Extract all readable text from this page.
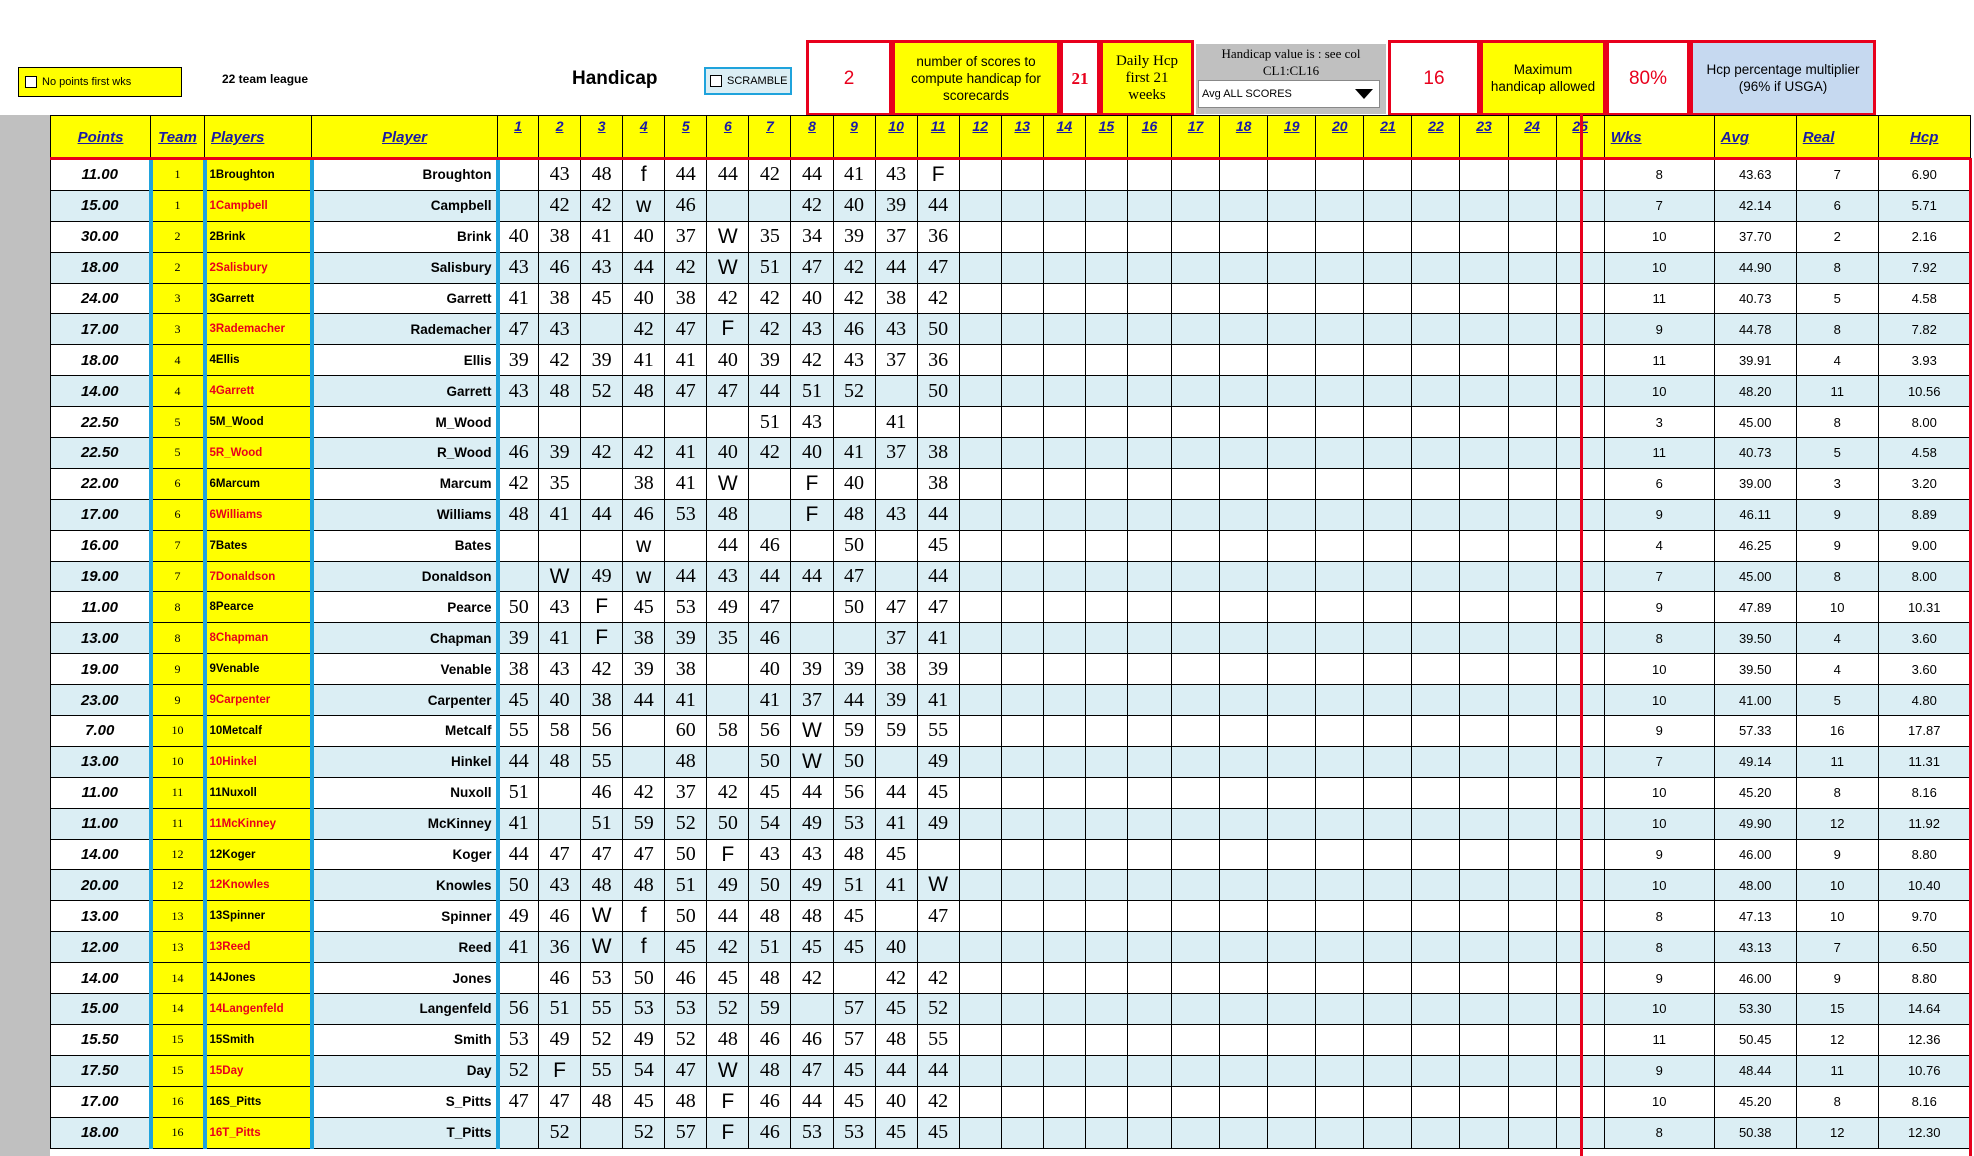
No points first wks	22 team league	Handicap	SCRAMBLE	2
number of scores to compute handicap for scorecards
21
Daily Hcp first 21 weeks
Handicap value is : see col CL1:CL16
Avg ALL SCORES
16	Maximum handicap allowed	80%	Hcp percentage multiplier (96% if USGA)
Points	Team	Players	Player	1	2	3	4	5	6	7	8	9	10	11	12	13	14	15	16	17	18	19	20	21	22	23	24	25	Wks	Avg	Real	Hcp
11.00	1	1Broughton	Broughton		43	48	f	44	44	42	44	41	43	F															8	43.63	7	6.90
15.00	1	1Campbell	Campbell		42	42	w	46			42	40	39	44															7	42.14	6	5.71
30.00	2	2Brink	Brink	40	38	41	40	37	W	35	34	39	37	36															10	37.70	2	2.16
18.00	2	2Salisbury	Salisbury	43	46	43	44	42	W	51	47	42	44	47															10	44.90	8	7.92
24.00	3	3Garrett	Garrett	41	38	45	40	38	42	42	40	42	38	42															11	40.73	5	4.58
17.00	3	3Rademacher	Rademacher	47	43		42	47	F	42	43	46	43	50															9	44.78	8	7.82
18.00	4	4Ellis	Ellis	39	42	39	41	41	40	39	42	43	37	36															11	39.91	4	3.93
14.00	4	4Garrett	Garrett	43	48	52	48	47	47	44	51	52		50															10	48.20	11	10.56
22.50	5	5M_Wood	M_Wood							51	43		41																3	45.00	8	8.00
22.50	5	5R_Wood	R_Wood	46	39	42	42	41	40	42	40	41	37	38															11	40.73	5	4.58
22.00	6	6Marcum	Marcum	42	35		38	41	W		F	40		38															6	39.00	3	3.20
17.00	6	6Williams	Williams	48	41	44	46	53	48		F	48	43	44															9	46.11	9	8.89
16.00	7	7Bates	Bates				w		44	46		50		45															4	46.25	9	9.00
19.00	7	7Donaldson	Donaldson		W	49	w	44	43	44	44	47		44															7	45.00	8	8.00
11.00	8	8Pearce	Pearce	50	43	F	45	53	49	47		50	47	47															9	47.89	10	10.31
13.00	8	8Chapman	Chapman	39	41	F	38	39	35	46			37	41															8	39.50	4	3.60
19.00	9	9Venable	Venable	38	43	42	39	38		40	39	39	38	39															10	39.50	4	3.60
23.00	9	9Carpenter	Carpenter	45	40	38	44	41		41	37	44	39	41															10	41.00	5	4.80
7.00	10	10Metcalf	Metcalf	55	58	56		60	58	56	W	59	59	55															9	57.33	16	17.87
13.00	10	10Hinkel	Hinkel	44	48	55		48		50	W	50		49															7	49.14	11	11.31
11.00	11	11Nuxoll	Nuxoll	51		46	42	37	42	45	44	56	44	45															10	45.20	8	8.16
11.00	11	11McKinney	McKinney	41		51	59	52	50	54	49	53	41	49															10	49.90	12	11.92
14.00	12	12Koger	Koger	44	47	47	47	50	F	43	43	48	45																9	46.00	9	8.80
20.00	12	12Knowles	Knowles	50	43	48	48	51	49	50	49	51	41	W															10	48.00	10	10.40
13.00	13	13Spinner	Spinner	49	46	W	f	50	44	48	48	45		47															8	47.13	10	9.70
12.00	13	13Reed	Reed	41	36	W	f	45	42	51	45	45	40																8	43.13	7	6.50
14.00	14	14Jones	Jones		46	53	50	46	45	48	42		42	42															9	46.00	9	8.80
15.00	14	14Langenfeld	Langenfeld	56	51	55	53	53	52	59		57	45	52															10	53.30	15	14.64
15.50	15	15Smith	Smith	53	49	52	49	52	48	46	46	57	48	55															11	50.45	12	12.36
17.50	15	15Day	Day	52	F	55	54	47	W	48	47	45	44	44															9	48.44	11	10.76
17.00	16	16S_Pitts	S_Pitts	47	47	48	45	48	F	46	44	45	40	42															10	45.20	8	8.16
18.00	16	16T_Pitts	T_Pitts		52		52	57	F	46	53	53	45	45															8	50.38	12	12.30
